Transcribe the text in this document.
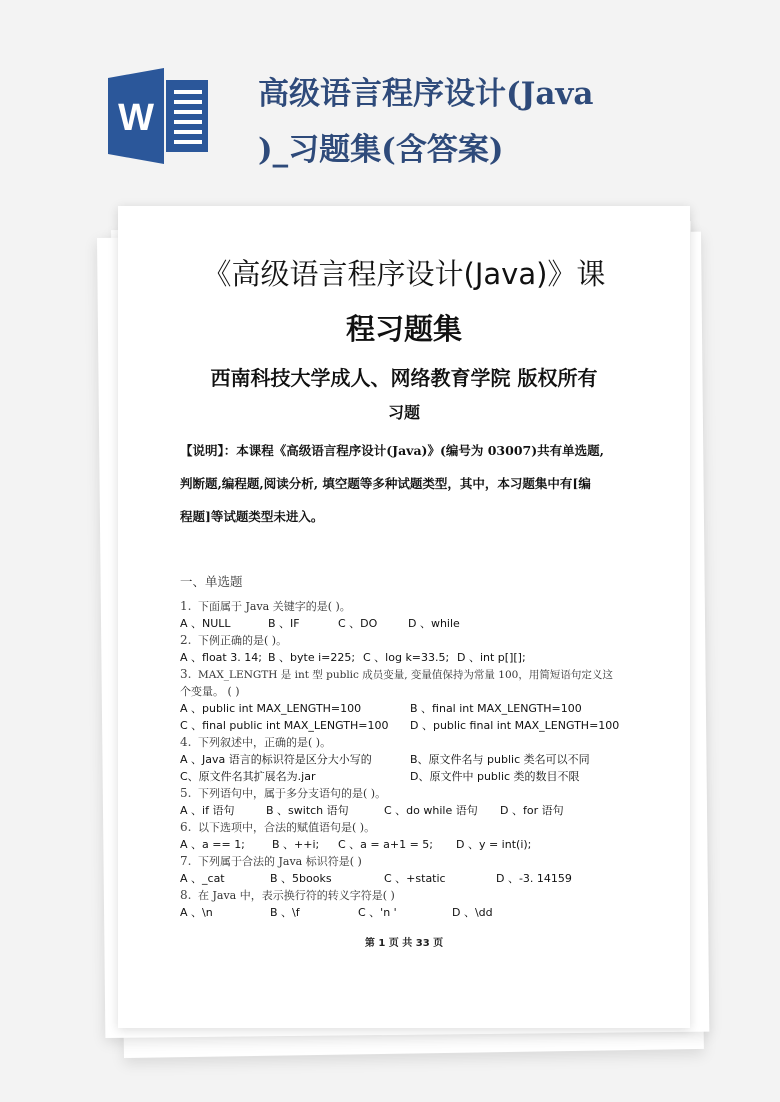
W
高级语言程序设计(Java
)_习题集(含答案)
《高级语言程序设计(Java)》课
程习题集
西南科技大学成人、网络教育学院 版权所有
习题
【说明】：本课程《高级语言程序设计(Java)》(编号为 03007)共有单选题,
判断题,编程题,阅读分析, 填空题等多种试题类型，其中，本习题集中有[编
程题]等试题类型未进入。
一、单选题
1. 下面属于 Java 关键字的是( )。
A 、NULL	B 、IF	C 、DO	D 、while
2. 下例正确的是( )。
A 、float 3. 14; B 、byte i=225; C 、log k=33.5; D 、int p[][];
3. MAX_LENGTH 是 int 型 public 成员变量, 变量值保持为常量 100，用简短语句定义这
个变量。 ( )
A 、public int MAX_LENGTH=100	B 、final int MAX_LENGTH=100
C 、final public int MAX_LENGTH=100 D 、public final int MAX_LENGTH=100
4. 下列叙述中，正确的是( )。
A 、Java 语言的标识符是区分大小写的	B、原文件名与 public 类名可以不同
C、原文件名其扩展名为.jar	D、原文件中 public 类的数目不限
5. 下列语句中，属于多分支语句的是( )。
A 、if 语句	B 、switch 语句	C 、do while 语句 D 、for 语句
6. 以下选项中，合法的赋值语句是( )。
A 、a == 1; B 、++i; C 、a = a+1 = 5; D 、y = int(i);
7. 下列属于合法的 Java 标识符是( )
A 、_cat	B 、5books	C 、+static	D 、-3. 14159
8. 在 Java 中，表示换行符的转义字符是( )
A 、\n	B 、\f	C 、'n '	D 、\dd
第 1 页 共 33 页
